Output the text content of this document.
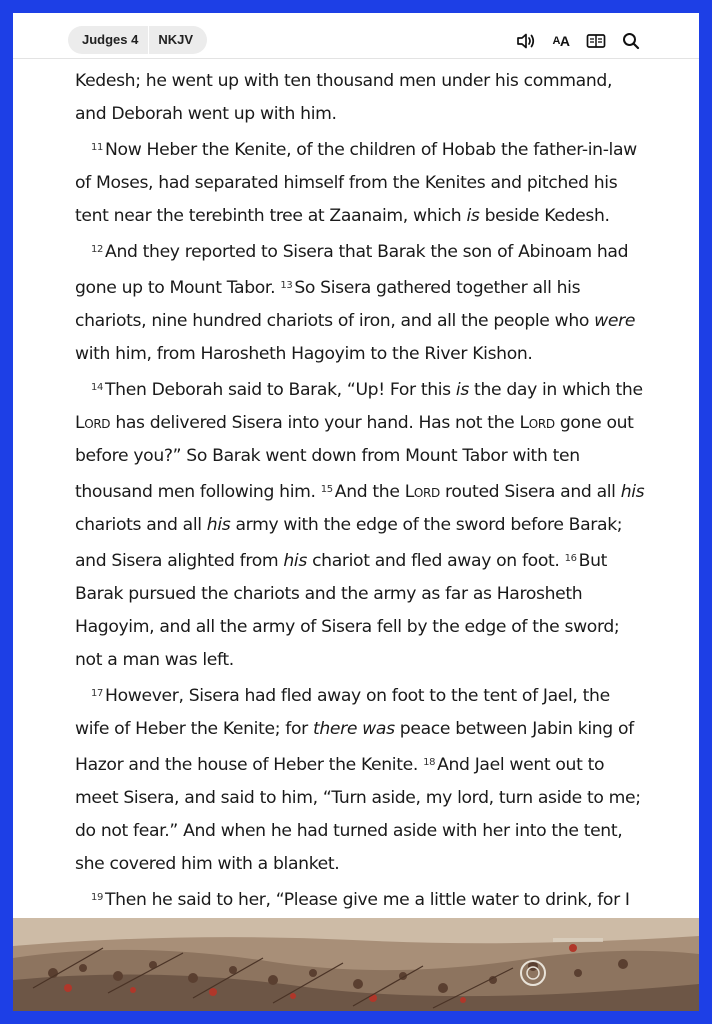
Judges 4	NKJV	A A

Kedesh; he went up with ten thousand men under his command, and Deborah went up with him.

$^{11}$ Now Heber the Kenite, of the children of Hobab the father-in-law of Moses, had separated himself from the Kenites and pitched his tent near the terebinth tree at Zaanaim, which is beside Kedesh.

$^{12}$ And they reported to Sisera that Barak the son of Abinoam had gone up to Mount Tabor. $^{13}$ So Sisera gathered together all his chariots, nine hundred chariots of iron, and all the people who were with him, from Harosheth Hagoyim to the River Kishon.

$^{14}$ Then Deborah said to Barak, “Up! For this is the day in which the Lord has delivered Sisera into your hand. Has not the Lord gone out before you?” So Barak went down from Mount Tabor with ten thousand men following him. $^{15}$ And the Lord routed Sisera and all his chariots and all his army with the edge of the sword before Barak; and Sisera alighted from his chariot and fled away on foot. $^{16}$ But Barak pursued the chariots and the army as far as Harosheth Hagoyim, and all the army of Sisera fell by the edge of the sword; not a man was left.

$^{17}$ However, Sisera had fled away on foot to the tent of Jael, the wife of Heber the Kenite; for there was peace between Jabin king of Hazor and the house of Heber the Kenite. $^{18}$ And Jael went out to meet Sisera, and said to him, “Turn aside, my lord, turn aside to me; do not fear.” And when he had turned aside with her into the tent, she covered him with a blanket.

$^{19}$ Then he said to her, “Please give me a little water to drink, for I
